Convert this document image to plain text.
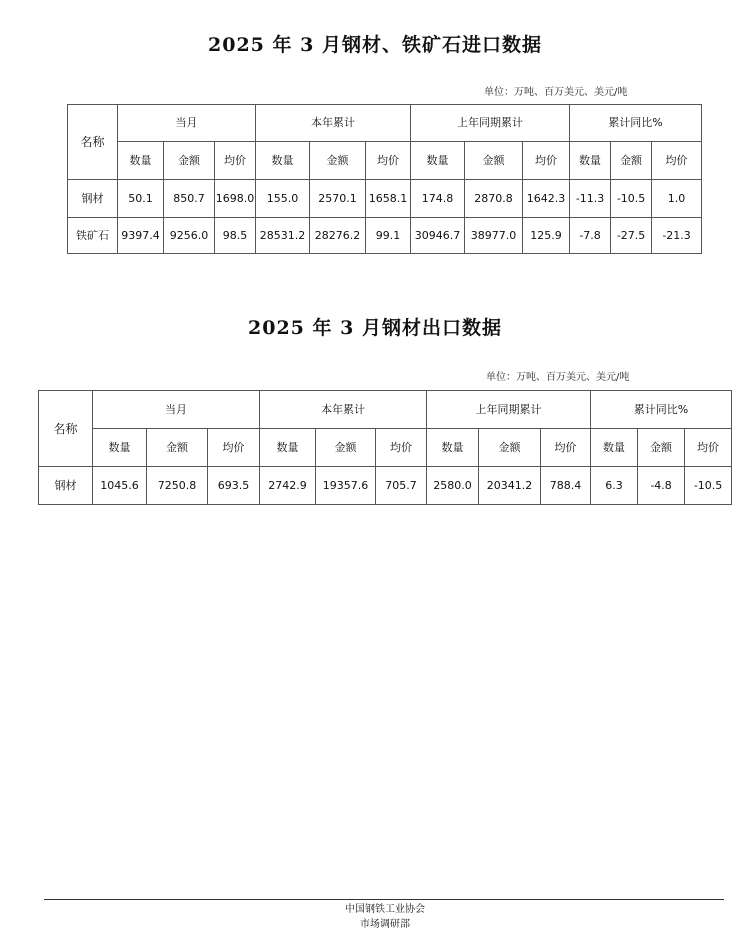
2025 年 3 月钢材、铁矿石进口数据
单位：万吨、百万美元、美元/吨
名称	当月			本年累计			上年同期累计			累计同比%		
	数量	金额	均价	数量	金额	均价	数量	金额	均价	数量	金额	均价
钢材	50.1	850.7	1698.0	155.0	2570.1	1658.1	174.8	2870.8	1642.3	-11.3	-10.5	1.0
铁矿石	9397.4	9256.0	98.5	28531.2	28276.2	99.1	30946.7	38977.0	125.9	-7.8	-27.5	-21.3
2025 年 3 月钢材出口数据
单位：万吨、百万美元、美元/吨
名称	当月			本年累计			上年同期累计			累计同比%		
	数量	金额	均价	数量	金额	均价	数量	金额	均价	数量	金额	均价
钢材	1045.6	7250.8	693.5	2742.9	19357.6	705.7	2580.0	20341.2	788.4	6.3	-4.8	-10.5
中国钢铁工业协会
市场调研部
